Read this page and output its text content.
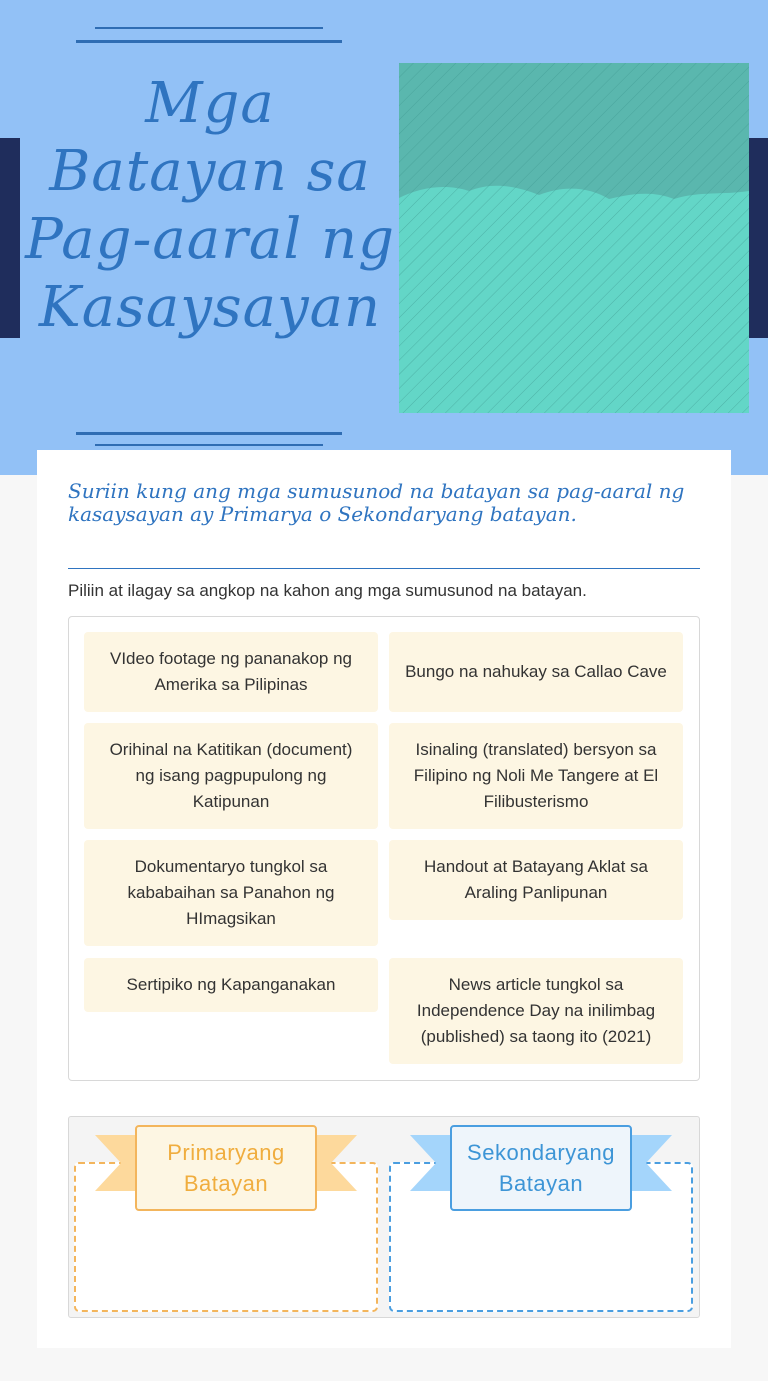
Mga Batayan sa Pag-aaral ng Kasaysayan
Suriin kung ang mga sumusunod na batayan sa pag-aaral ng kasaysayan ay Primarya o Sekondaryang batayan.
Piliin at ilagay sa angkop na kahon ang mga sumusunod na batayan.
VIdeo footage ng pananakop ng Amerika sa Pilipinas
Bungo na nahukay sa Callao Cave
Orihinal na Katitikan (document) ng isang pagpupulong ng Katipunan
Isinaling (translated) bersyon sa Filipino ng Noli Me Tangere at El Filibusterismo
Dokumentaryo tungkol sa kababaihan sa Panahon ng HImagsikan
Handout at Batayang Aklat sa Araling Panlipunan
Sertipiko ng Kapanganakan	News article tungkol sa Independence Day na inilimbag (published) sa taong ito (2021)
Primaryang Batayan
Sekondaryang Batayan
